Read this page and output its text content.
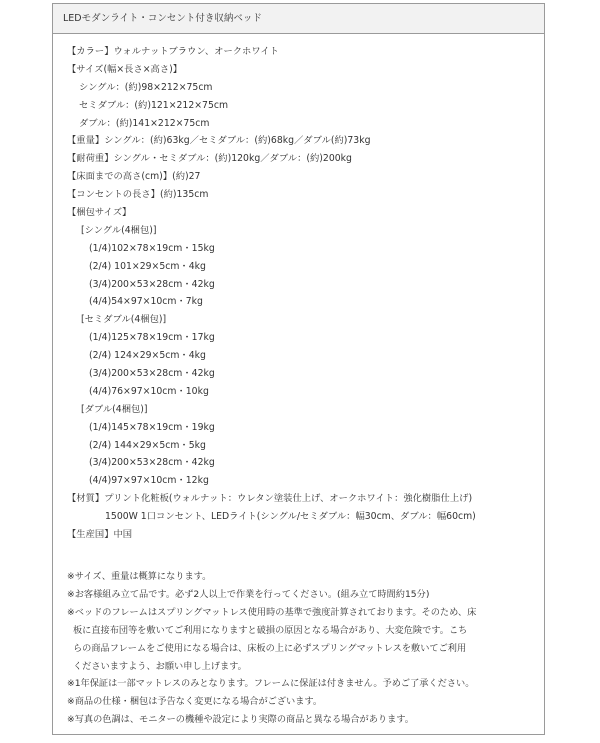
LEDモダンライト・コンセント付き収納ベッド
【カラー】ウォルナットブラウン、オークホワイト
【サイズ(幅×長さ×高さ)】
シングル：(約)98×212×75cm
セミダブル：(約)121×212×75cm
ダブル：(約)141×212×75cm
【重量】シングル：(約)63kg／セミダブル：(約)68kg／ダブル(約)73kg
【耐荷重】シングル・セミダブル：(約)120kg／ダブル：(約)200kg
【床面までの高さ(cm)】(約)27
【コンセントの長さ】(約)135cm
【梱包サイズ】
[シングル(4梱包)]
(1/4)102×78×19cm・15kg
(2/4) 101×29×5cm・4kg
(3/4)200×53×28cm・42kg
(4/4)54×97×10cm・7kg
[セミダブル(4梱包)]
(1/4)125×78×19cm・17kg
(2/4) 124×29×5cm・4kg
(3/4)200×53×28cm・42kg
(4/4)76×97×10cm・10kg
[ダブル(4梱包)]
(1/4)145×78×19cm・19kg
(2/4) 144×29×5cm・5kg
(3/4)200×53×28cm・42kg
(4/4)97×97×10cm・12kg
【材質】プリント化粧板(ウォルナット：ウレタン塗装仕上げ、オークホワイト：強化樹脂仕上げ)
1500W 1口コンセント、LEDライト(シングル/セミダブル：幅30cm、ダブル：幅60cm)
【生産国】中国
※サイズ、重量は概算になります。
※お客様組み立て品です。必ず2人以上で作業を行ってください。(組み立て時間約15分)
※ベッドのフレームはスプリングマットレス使用時の基準で強度計算されております。そのため、床
板に直接布団等を敷いてご利用になりますと破損の原因となる場合があり、大変危険です。こち
らの商品フレームをご使用になる場合は、床板の上に必ずスプリングマットレスを敷いてご利用
くださいますよう、お願い申し上げます。
※1年保証は一部マットレスのみとなります。フレームに保証は付きません。予めご了承ください。
※商品の仕様・梱包は予告なく変更になる場合がございます。
※写真の色調は、モニターの機種や設定により実際の商品と異なる場合があります。
